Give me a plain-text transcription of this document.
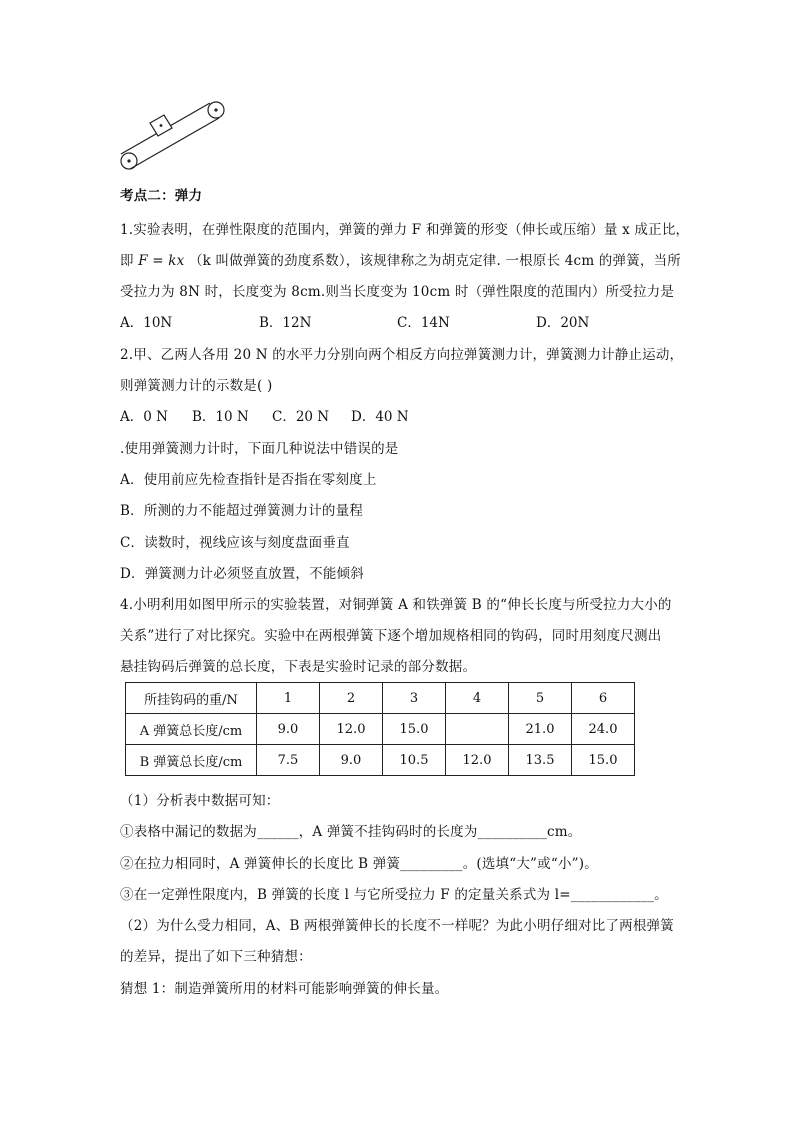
考点二：弹力
1.实验表明，在弹性限度的范围内，弹簧的弹力 F 和弹簧的形变（伸长或压缩）量 x 成正比，
即 F = kx （k 叫做弹簧的劲度系数），该规律称之为胡克定律. 一根原长 4cm 的弹簧，当所
受拉力为 8N 时，长度变为 8cm.则当长度变为 10cm 时（弹性限度的范围内）所受拉力是
A．10N	B．12N	C．14N	D．20N
2.甲、乙两人各用 20 N 的水平力分别向两个相反方向拉弹簧测力计，弹簧测力计静止运动，
则弹簧测力计的示数是( )
A．0 N B．10 N C．20 N D．40 N
.使用弹簧测力计时，下面几种说法中错误的是
A．使用前应先检查指针是否指在零刻度上
B．所测的力不能超过弹簧测力计的量程
C．读数时，视线应该与刻度盘面垂直
D．弹簧测力计必须竖直放置，不能倾斜
4.小明利用如图甲所示的实验装置，对铜弹簧 A 和铁弹簧 B 的“伸长长度与所受拉力大小的
关系”进行了对比探究。实验中在两根弹簧下逐个增加规格相同的钩码，同时用刻度尺测出
悬挂钩码后弹簧的总长度，下表是实验时记录的部分数据。
所挂钩码的重/N	1	2	3	4	5	6
A 弹簧总长度/cm	9.0	12.0	15.0		21.0	24.0
B 弹簧总长度/cm	7.5	9.0	10.5	12.0	13.5	15.0
（1）分析表中数据可知：
①表格中漏记的数据为______，A 弹簧不挂钩码时的长度为__________cm。
②在拉力相同时，A 弹簧伸长的长度比 B 弹簧_________。(选填“大”或“小”)。
③在一定弹性限度内，B 弹簧的长度 l 与它所受拉力 F 的定量关系式为 l=____________。
（2）为什么受力相同，A、B 两根弹簧伸长的长度不一样呢？为此小明仔细对比了两根弹簧
的差异，提出了如下三种猜想：
猜想 1：制造弹簧所用的材料可能影响弹簧的伸长量。
